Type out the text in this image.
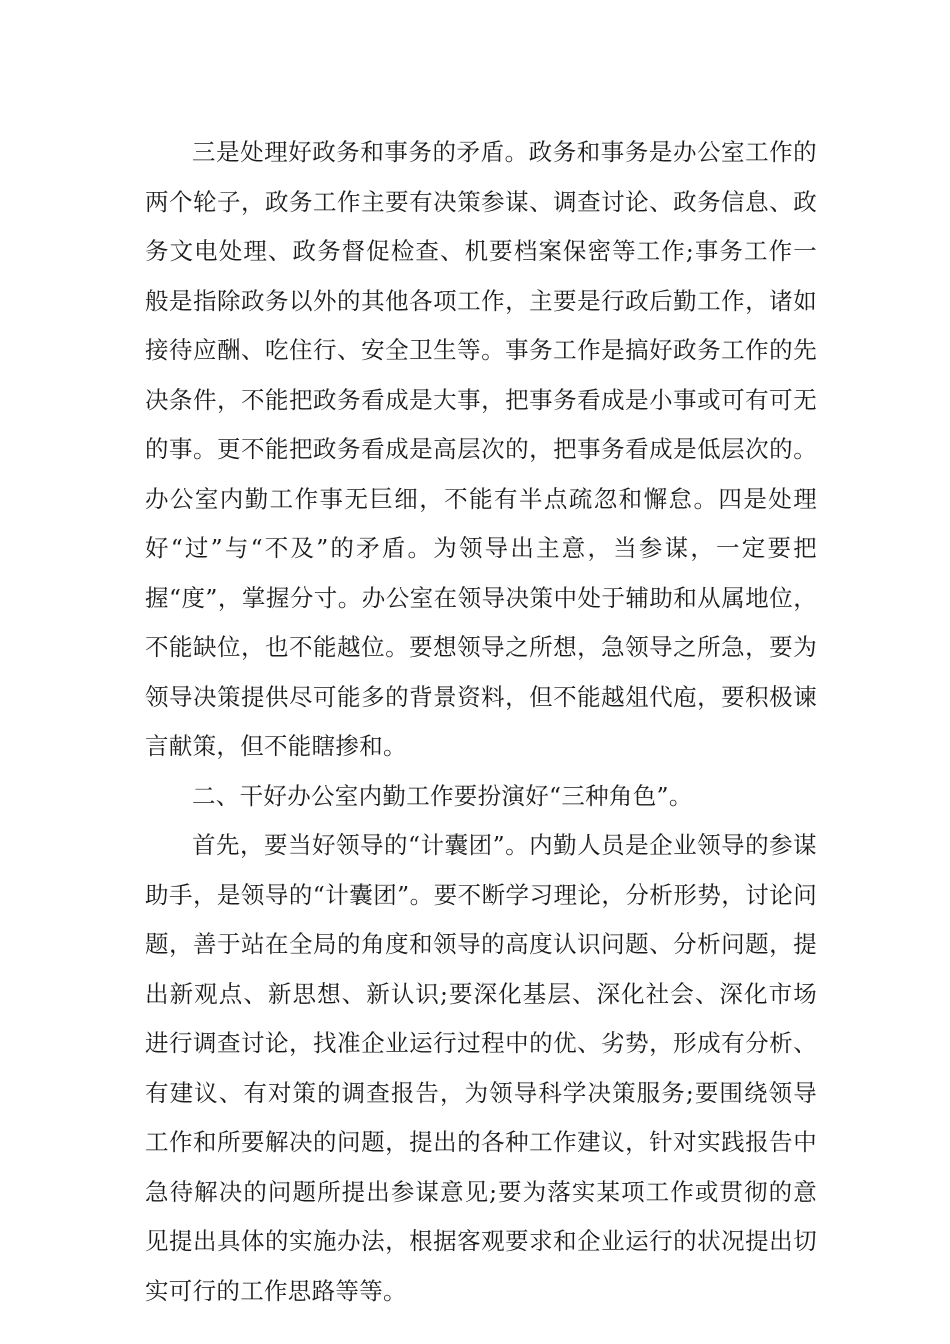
三是处理好政务和事务的矛盾。政务和事务是办公室工作的两个轮子，政务工作主要有决策参谋、调查讨论、政务信息、政务文电处理、政务督促检查、机要档案保密等工作;事务工作一般是指除政务以外的其他各项工作，主要是行政后勤工作，诸如接待应酬、吃住行、安全卫生等。事务工作是搞好政务工作的先决条件，不能把政务看成是大事，把事务看成是小事或可有可无的事。更不能把政务看成是高层次的，把事务看成是低层次的。办公室内勤工作事无巨细，不能有半点疏忽和懈怠。四是处理好“过”与“不及”的矛盾。为领导出主意，当参谋，一定要把握“度”，掌握分寸。办公室在领导决策中处于辅助和从属地位，不能缺位，也不能越位。要想领导之所想，急领导之所急，要为领导决策提供尽可能多的背景资料，但不能越俎代庖，要积极谏言献策，但不能瞎掺和。

二、干好办公室内勤工作要扮演好“三种角色”。

首先，要当好领导的“计囊团”。内勤人员是企业领导的参谋助手，是领导的“计囊团”。要不断学习理论，分析形势，讨论问题，善于站在全局的角度和领导的高度认识问题、分析问题，提出新观点、新思想、新认识;要深化基层、深化社会、深化市场进行调查讨论，找准企业运行过程中的优、劣势，形成有分析、有建议、有对策的调查报告，为领导科学决策服务;要围绕领导工作和所要解决的问题，提出的各种工作建议，针对实践报告中急待解决的问题所提出参谋意见;要为落实某项工作或贯彻的意见提出具体的实施办法，根据客观要求和企业运行的状况提出切实可行的工作思路等等。
